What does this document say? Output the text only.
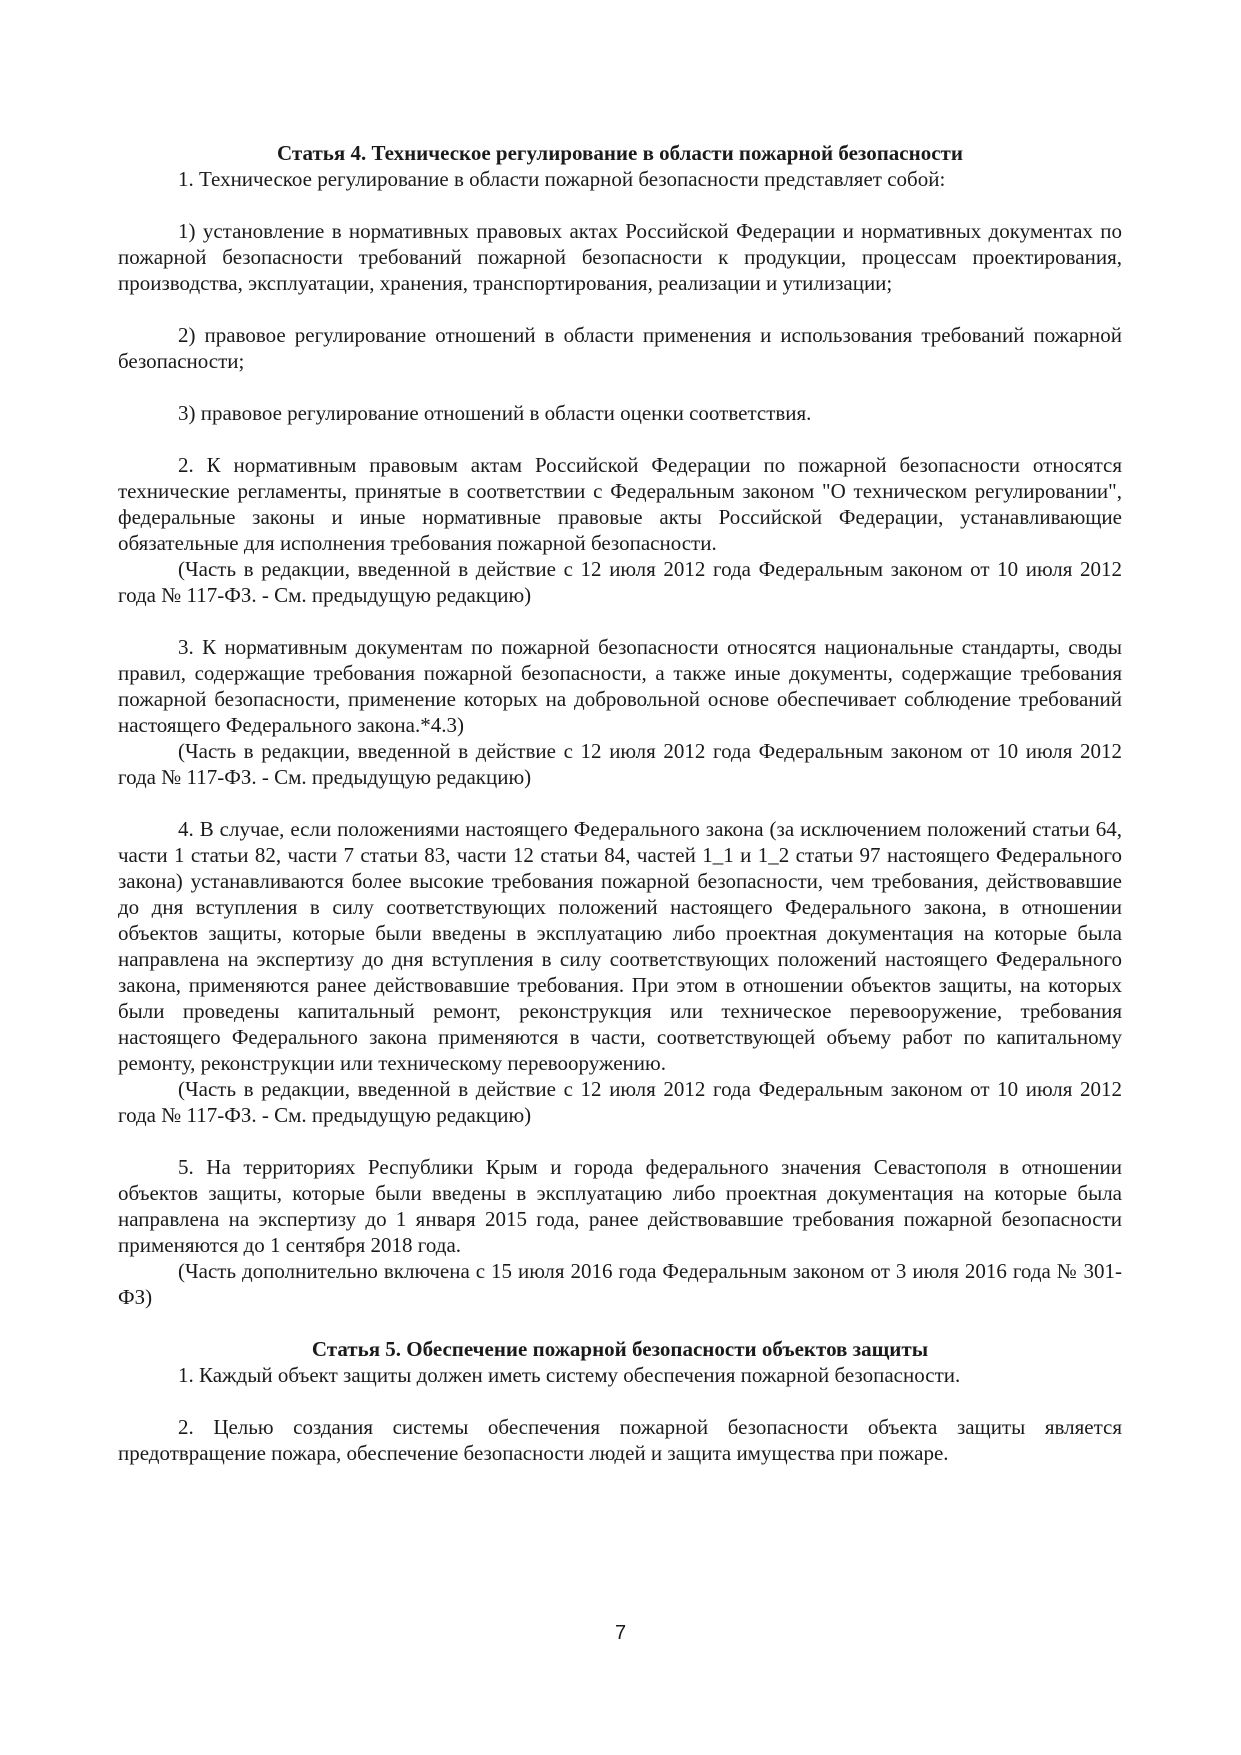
Статья 4. Техническое регулирование в области пожарной безопасности

1. Техническое регулирование в области пожарной безопасности представляет собой:

1) установление в нормативных правовых актах Российской Федерации и нормативных документах по пожарной безопасности требований пожарной безопасности к продукции, процессам проектирования, производства, эксплуатации, хранения, транспортирования, реализации и утилизации;

2) правовое регулирование отношений в области применения и использования требований пожарной безопасности;

3) правовое регулирование отношений в области оценки соответствия.

2. К нормативным правовым актам Российской Федерации по пожарной безопасности относятся технические регламенты, принятые в соответствии с Федеральным законом "О техническом регулировании", федеральные законы и иные нормативные правовые акты Российской Федерации, устанавливающие обязательные для исполнения требования пожарной безопасности.

(Часть в редакции, введенной в действие с 12 июля 2012 года Федеральным законом от 10 июля 2012 года № 117-ФЗ. - См. предыдущую редакцию)

3. К нормативным документам по пожарной безопасности относятся национальные стандарты, своды правил, содержащие требования пожарной безопасности, а также иные документы, содержащие требования пожарной безопасности, применение которых на добровольной основе обеспечивает соблюдение требований настоящего Федерального закона.*4.3)

(Часть в редакции, введенной в действие с 12 июля 2012 года Федеральным законом от 10 июля 2012 года № 117-ФЗ. - См. предыдущую редакцию)

4. В случае, если положениями настоящего Федерального закона (за исключением положений статьи 64, части 1 статьи 82, части 7 статьи 83, части 12 статьи 84, частей 1_1 и 1_2 статьи 97 настоящего Федерального закона) устанавливаются более высокие требования пожарной безопасности, чем требования, действовавшие до дня вступления в силу соответствующих положений настоящего Федерального закона, в отношении объектов защиты, которые были введены в эксплуатацию либо проектная документация на которые была направлена на экспертизу до дня вступления в силу соответствующих положений настоящего Федерального закона, применяются ранее действовавшие требования. При этом в отношении объектов защиты, на которых были проведены капитальный ремонт, реконструкция или техническое перевооружение, требования настоящего Федерального закона применяются в части, соответствующей объему работ по капитальному ремонту, реконструкции или техническому перевооружению.

(Часть в редакции, введенной в действие с 12 июля 2012 года Федеральным законом от 10 июля 2012 года № 117-ФЗ. - См. предыдущую редакцию)

5. На территориях Республики Крым и города федерального значения Севастополя в отношении объектов защиты, которые были введены в эксплуатацию либо проектная документация на которые была направлена на экспертизу до 1 января 2015 года, ранее действовавшие требования пожарной безопасности применяются до 1 сентября 2018 года.

(Часть дополнительно включена с 15 июля 2016 года Федеральным законом от 3 июля 2016 года № 301-ФЗ)

Статья 5. Обеспечение пожарной безопасности объектов защиты

1. Каждый объект защиты должен иметь систему обеспечения пожарной безопасности.

2. Целью создания системы обеспечения пожарной безопасности объекта защиты является предотвращение пожара, обеспечение безопасности людей и защита имущества при пожаре.

7
